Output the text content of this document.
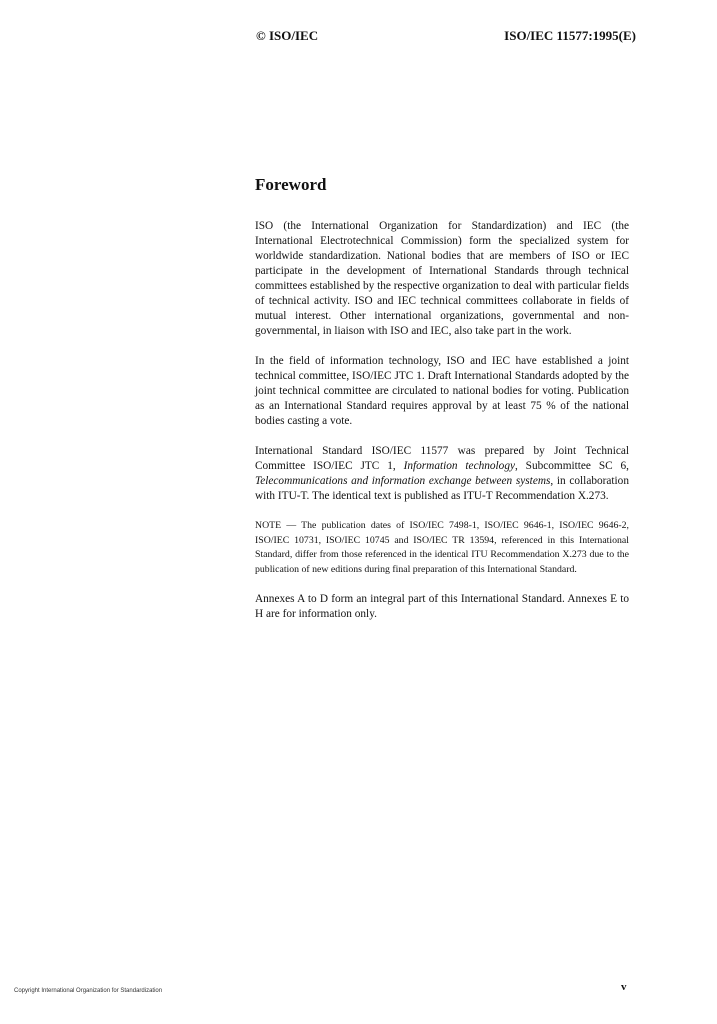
© ISO/IEC	ISO/IEC 11577:1995(E)
Foreword

ISO (the International Organization for Standardization) and IEC (the International Electrotechnical Commission) form the specialized system for worldwide standardization. National bodies that are members of ISO or IEC participate in the development of International Standards through technical committees established by the respective organization to deal with particular fields of technical activity. ISO and IEC technical committees collaborate in fields of mutual interest. Other international organizations, governmental and non-governmental, in liaison with ISO and IEC, also take part in the work.

In the field of information technology, ISO and IEC have established a joint technical committee, ISO/IEC JTC 1. Draft International Standards adopted by the joint technical committee are circulated to national bodies for voting. Publication as an International Standard requires approval by at least 75 % of the national bodies casting a vote.

International Standard ISO/IEC 11577 was prepared by Joint Technical Committee ISO/IEC JTC 1, Information technology, Subcommittee SC 6, Telecommunications and information exchange between systems, in collaboration with ITU-T. The identical text is published as ITU-T Recommendation X.273.

NOTE — The publication dates of ISO/IEC 7498-1, ISO/IEC 9646-1, ISO/IEC 9646-2, ISO/IEC 10731, ISO/IEC 10745 and ISO/IEC TR 13594, referenced in this International Standard, differ from those referenced in the identical ITU Recommendation X.273 due to the publication of new editions during final preparation of this International Standard.

Annexes A to D form an integral part of this International Standard. Annexes E to H are for information only.

Copyright International Organization for Standardization	v
